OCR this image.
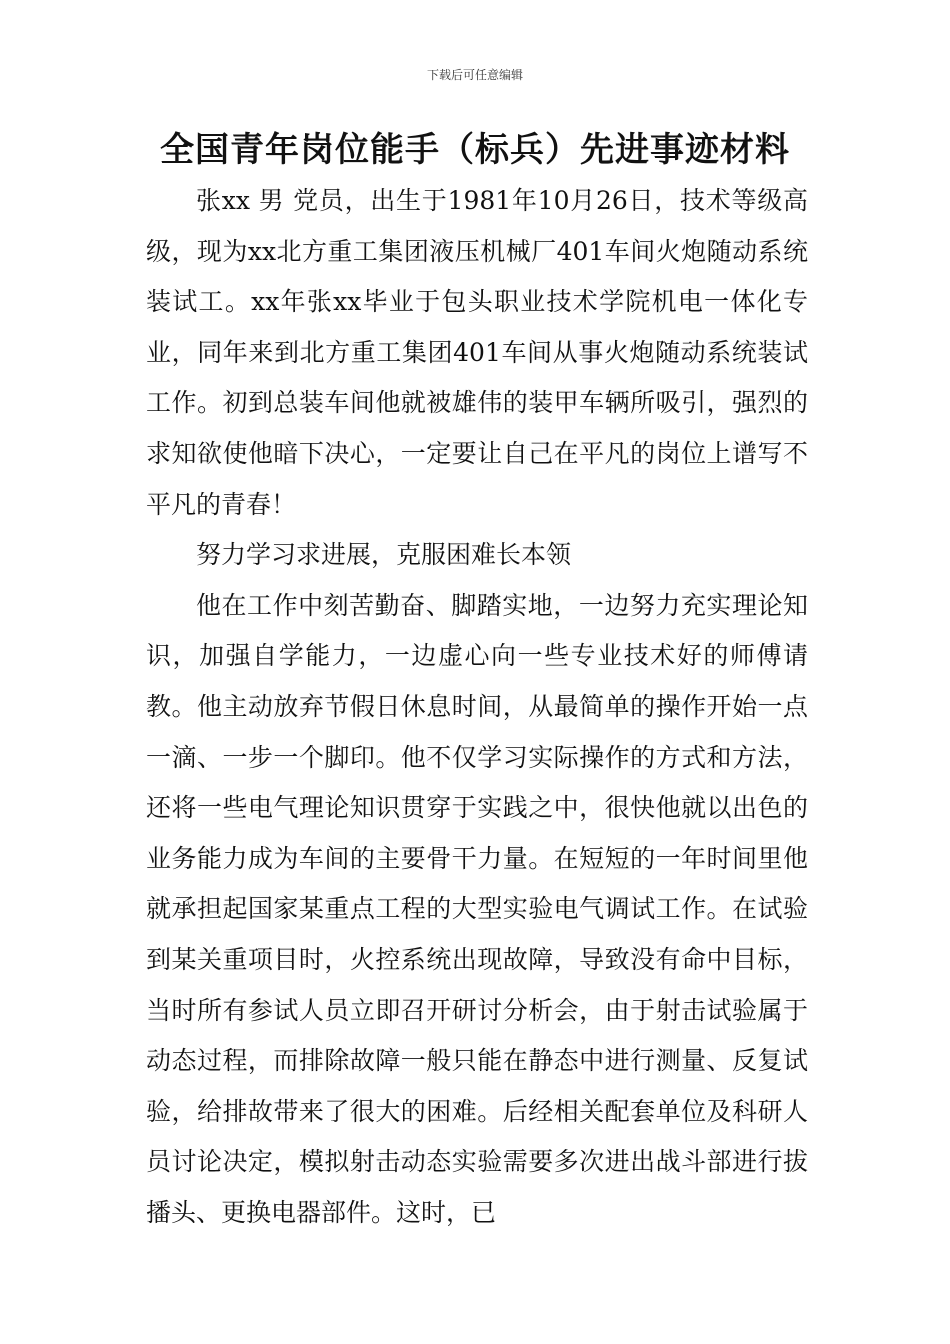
下载后可任意编辑
全国青年岗位能手（标兵）先进事迹材料

张xx 男 党员，出生于1981年10月26日，技术等级高级，现为xx北方重工集团液压机械厂401车间火炮随动系统装试工。xx年张xx毕业于包头职业技术学院机电一体化专业，同年来到北方重工集团401车间从事火炮随动系统装试工作。初到总装车间他就被雄伟的装甲车辆所吸引，强烈的求知欲使他暗下决心，一定要让自己在平凡的岗位上谱写不平凡的青春！

努力学习求进展，克服困难长本领

他在工作中刻苦勤奋、脚踏实地，一边努力充实理论知识，加强自学能力，一边虚心向一些专业技术好的师傅请教。他主动放弃节假日休息时间，从最简单的操作开始一点一滴、一步一个脚印。他不仅学习实际操作的方式和方法，还将一些电气理论知识贯穿于实践之中，很快他就以出色的业务能力成为车间的主要骨干力量。在短短的一年时间里他就承担起国家某重点工程的大型实验电气调试工作。在试验到某关重项目时，火控系统出现故障，导致没有命中目标，当时所有参试人员立即召开研讨分析会，由于射击试验属于动态过程，而排除故障一般只能在静态中进行测量、反复试验，给排故带来了很大的困难。后经相关配套单位及科研人员讨论决定，模拟射击动态实验需要多次进出战斗部进行拔播头、更换电器部件。这时，已
